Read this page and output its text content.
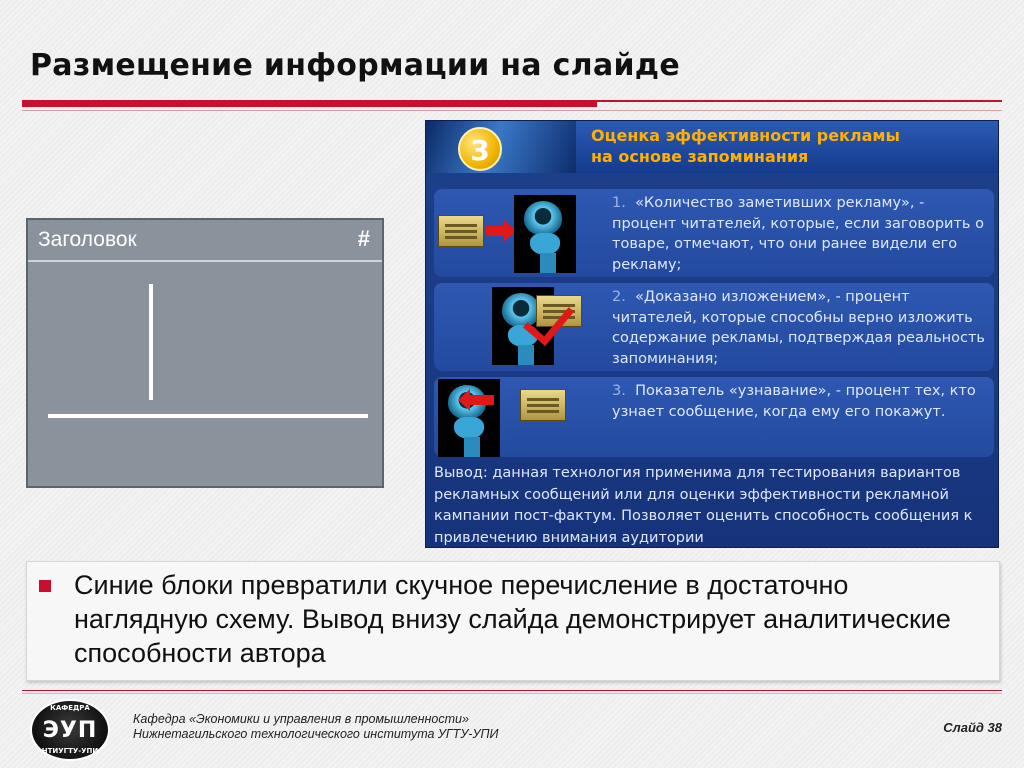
Размещение информации на слайде
Заголовок	#
3	Оценка эффективности рекламы
на основе запоминания
1. «Количество заметивших рекламу», - процент читателей, которые, если заговорить о товаре, отмечают, что они ранее видели его рекламу;
2. «Доказано изложением», - процент читателей, которые способны верно изложить содержание рекламы, подтверждая реальность запоминания;
3. Показатель «узнавание», - процент тех, кто узнает сообщение, когда ему его покажут.
Вывод: данная технология применима для тестирования вариантов рекламных сообщений или для оценки эффективности рекламной кампании пост-фактум. Позволяет оценить способность сообщения к привлечению внимания аудитории
Синие блоки превратили скучное перечисление в достаточно наглядную схему. Вывод внизу слайда демонстрирует аналитические способности автора
КАФЕДРА
ЭУП
НТИУГТУ-УПИ
Кафедра «Экономики и управления в промышленности»
Нижнетагильского технологического института УГТУ-УПИ	Слайд 38
